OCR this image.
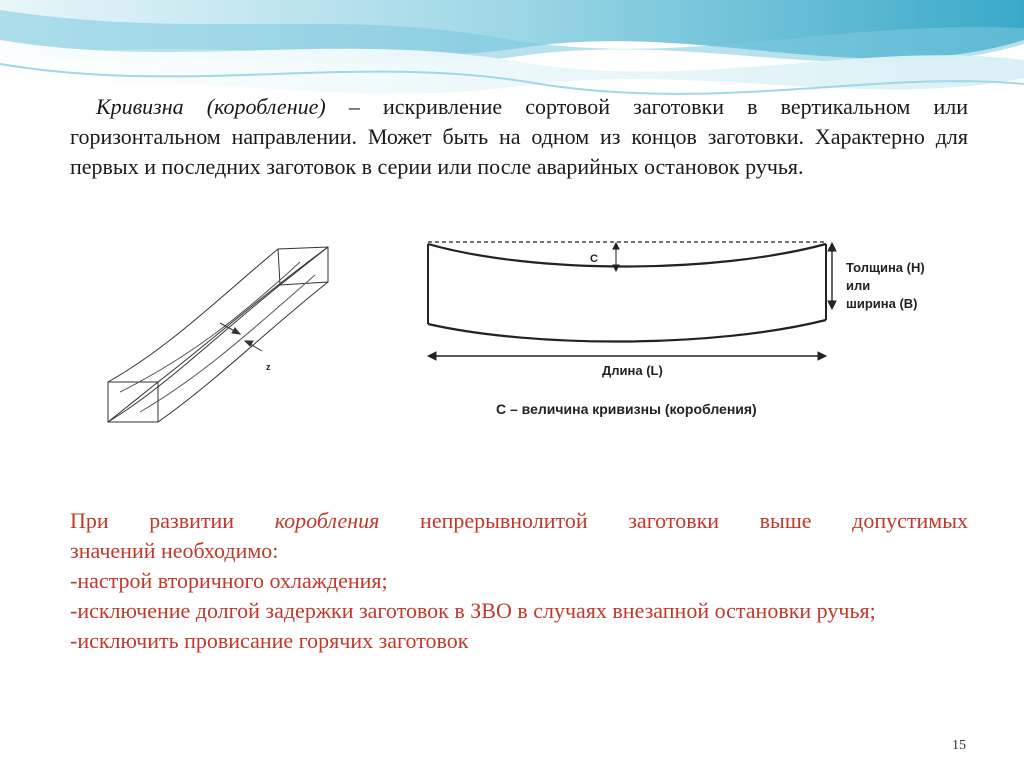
Кривизна (коробление) – искривление сортовой заготовки в вертикальном или горизонтальном направлении. Может быть на одном из концов заготовки. Характерно для первых и последних заготовок в серии или после аварийных остановок ручья.
z
С
Толщина (H)
или
ширина (B)
Длина (L)
С – величина кривизны (коробления)
При развитии коробления непрерывнолитой заготовки выше допустимых
значений необходимо:
-настрой вторичного охлаждения;
-исключение долгой задержки заготовок в ЗВО в случаях внезапной остановки ручья;
-исключить провисание горячих заготовок
15
